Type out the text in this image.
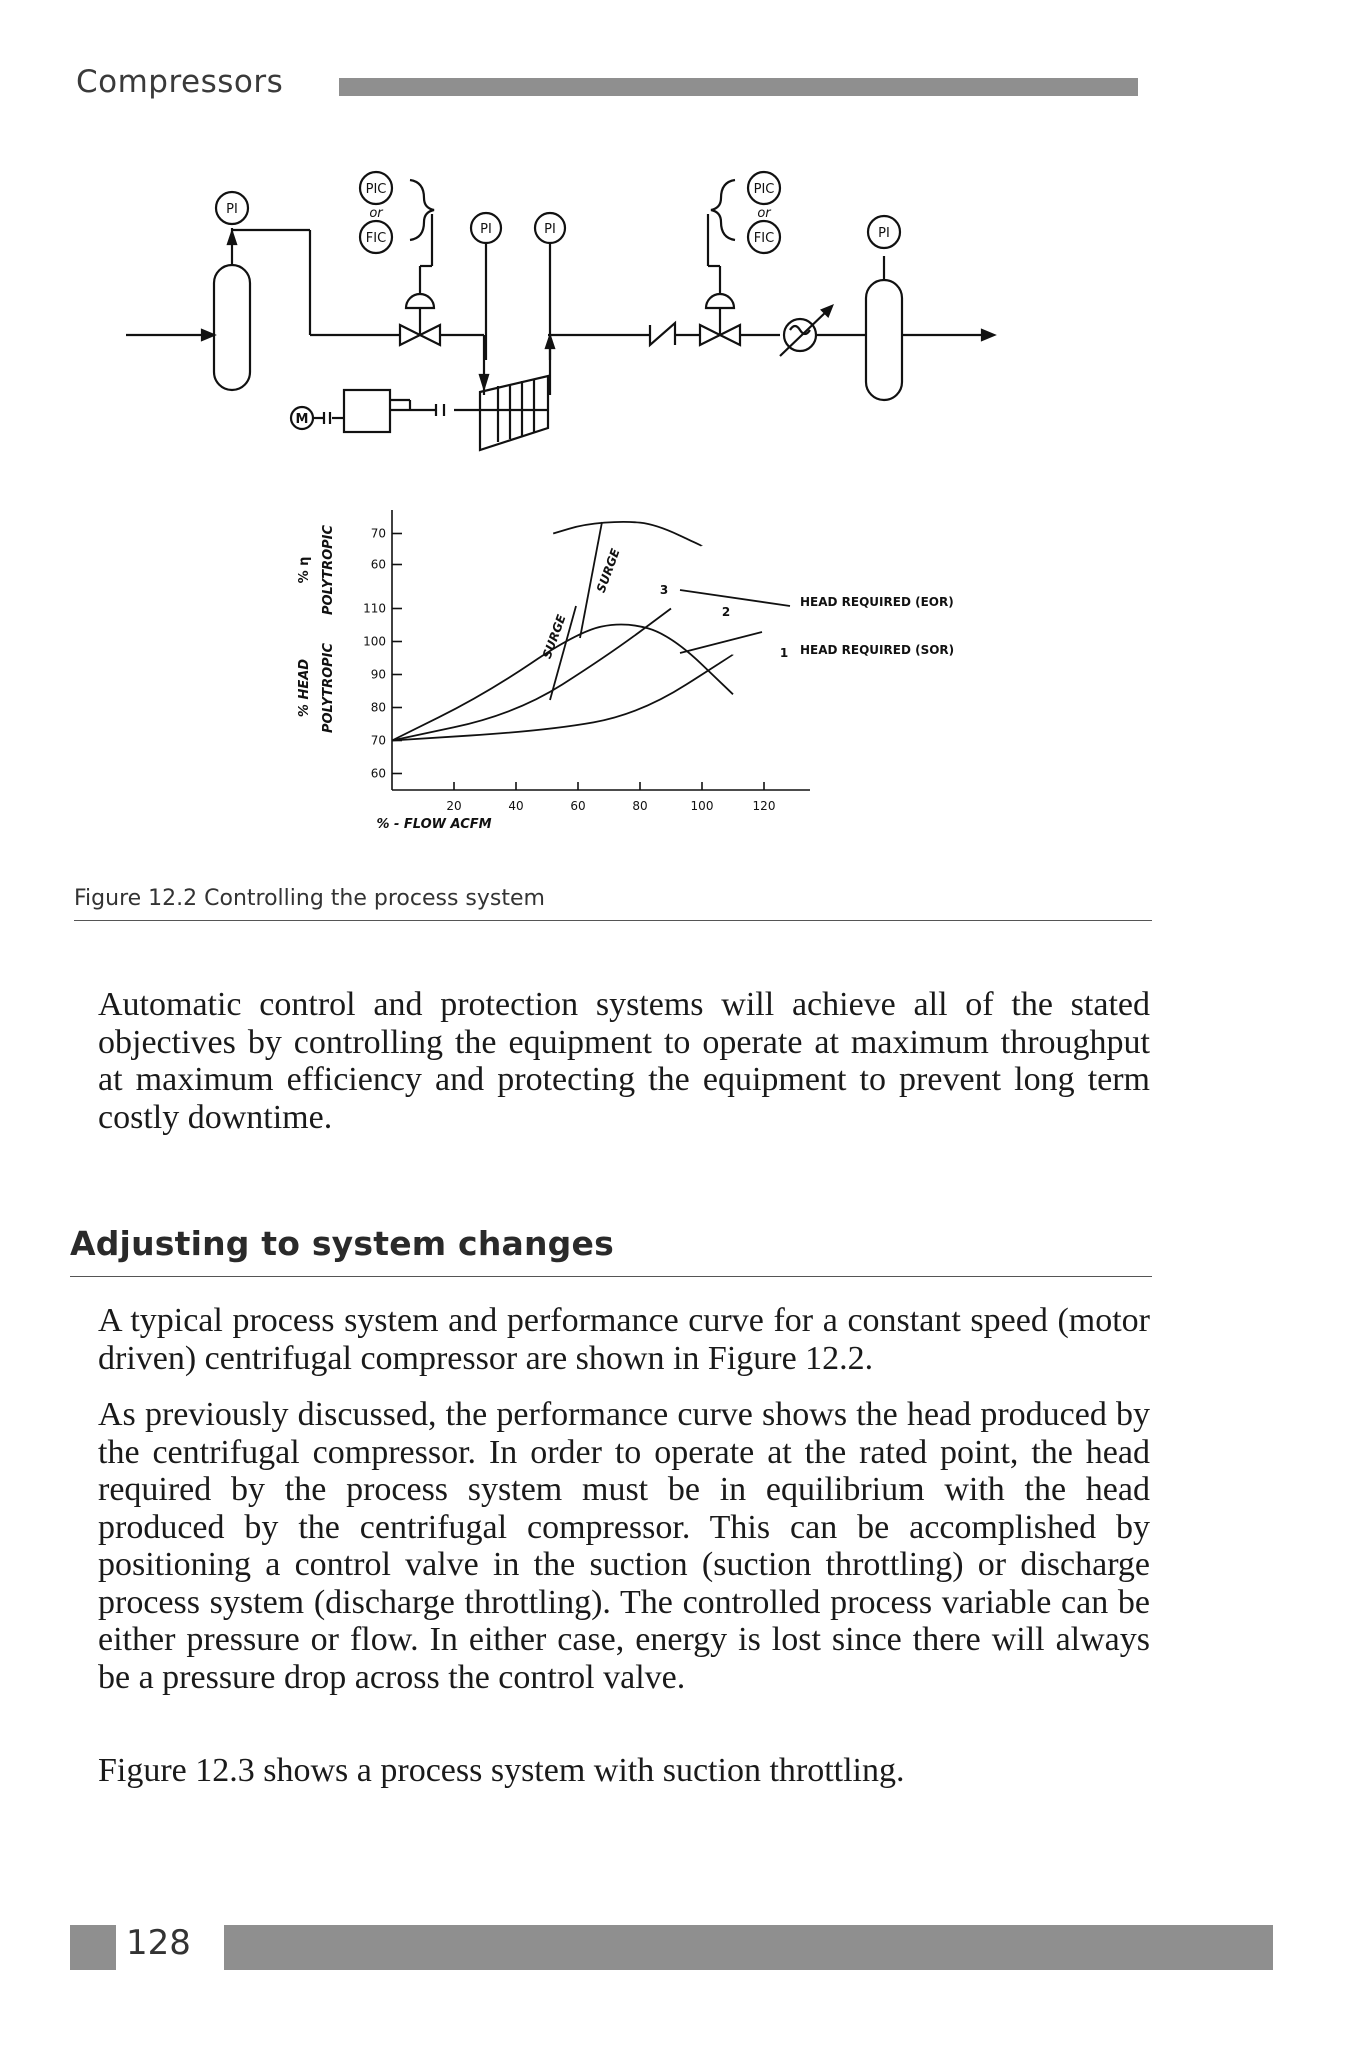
Compressors
PI
PIC
or
FIC
PI	PI
PIC
or
FIC	PI
M
20	40	60	80	100	120
70
60
110
100
90
80
70
60
% - FLOW ACFM
% η POLYTROPIC
% HEAD POLYTROPIC
SURGE
SURGE
3
2
1
HEAD REQUIRED (EOR)
HEAD REQUIRED (SOR)
Figure 12.2 Controlling the process system

Automatic control and protection systems will achieve all of the stated objectives by controlling the equipment to operate at maximum throughput at maximum efficiency and protecting the equipment to prevent long term costly downtime.

Adjusting to system changes

A typical process system and performance curve for a constant speed (motor driven) centrifugal compressor are shown in Figure 12.2.

As previously discussed, the performance curve shows the head produced by the centrifugal compressor. In order to operate at the rated point, the head required by the process system must be in equilibrium with the head produced by the centrifugal compressor. This can be accomplished by positioning a control valve in the suction (suction throttling) or discharge process system (discharge throttling). The controlled process variable can be either pressure or flow. In either case, energy is lost since there will always be a pressure drop across the control valve.

Figure 12.3 shows a process system with suction throttling.

128
